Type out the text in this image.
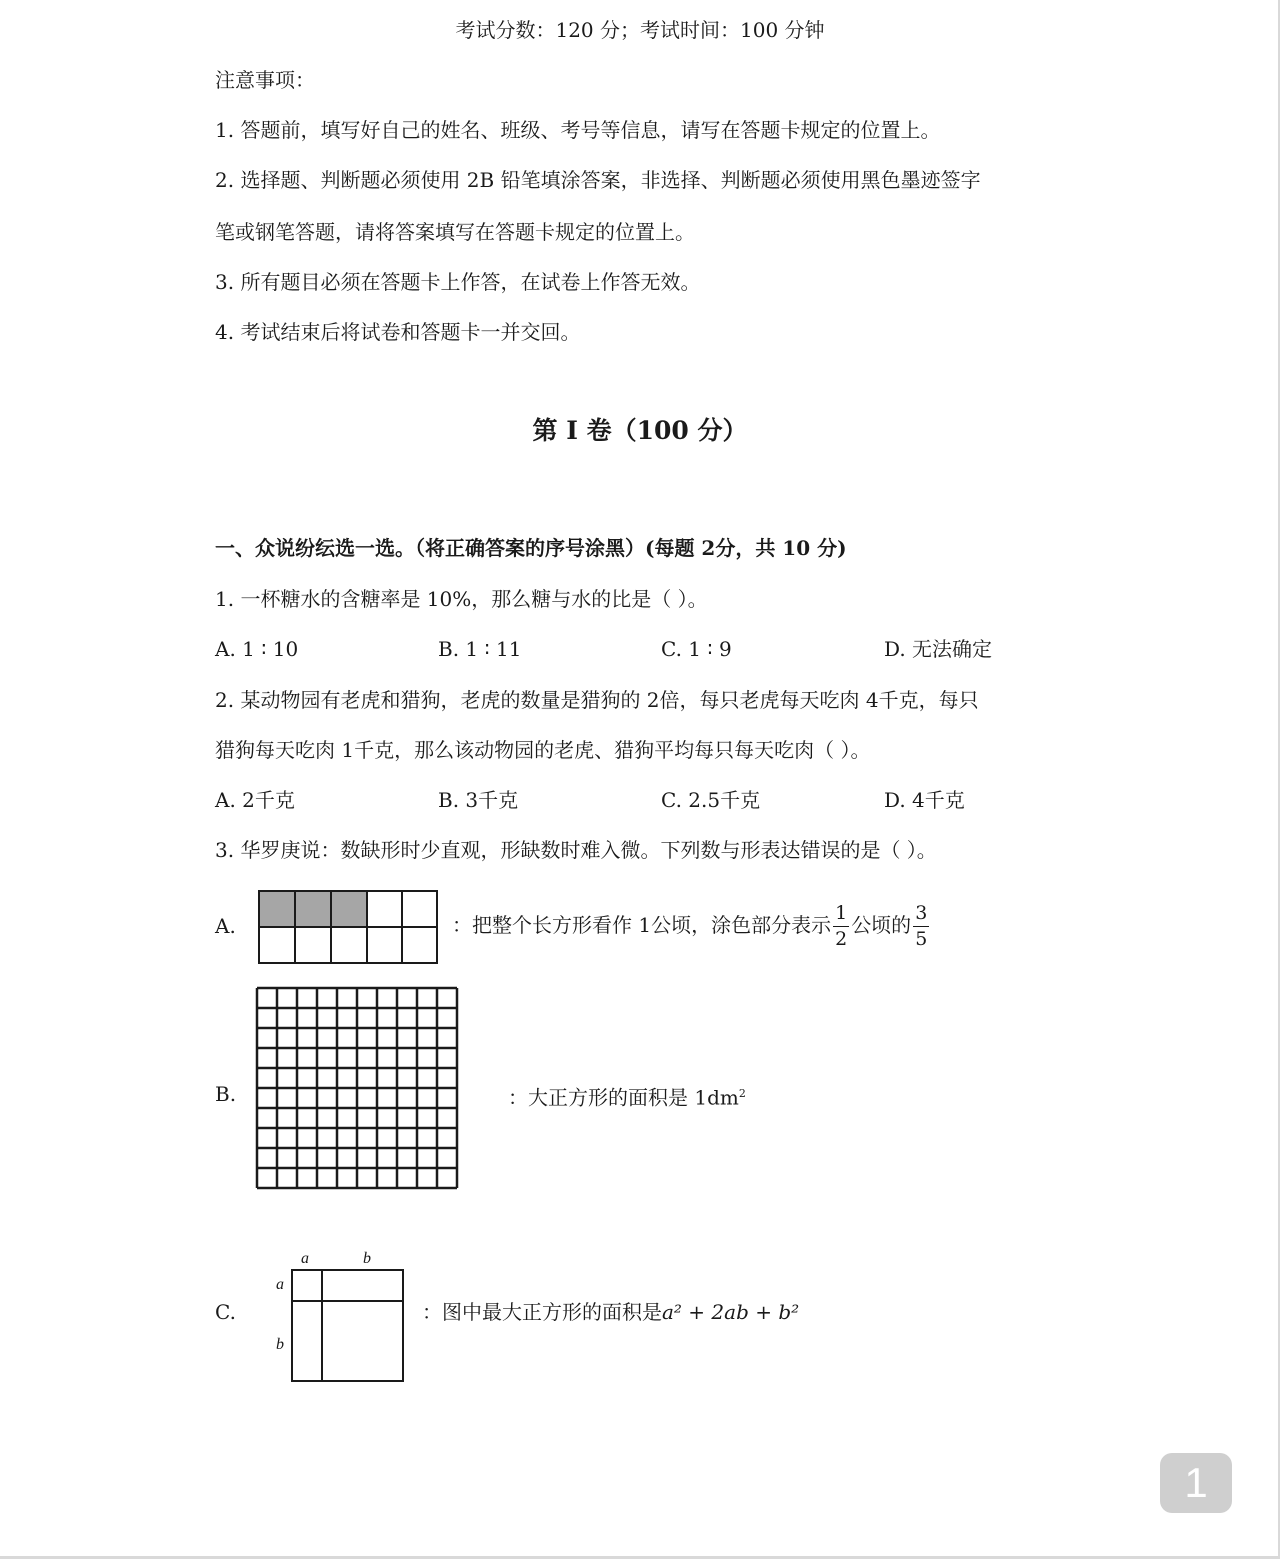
考试分数：120 分；考试时间：100 分钟
注意事项：
1. 答题前，填写好自己的姓名、班级、考号等信息，请写在答题卡规定的位置上。
2. 选择题、判断题必须使用 2B 铅笔填涂答案，非选择、判断题必须使用黑色墨迹签字
笔或钢笔答题，请将答案填写在答题卡规定的位置上。
3. 所有题目必须在答题卡上作答，在试卷上作答无效。
4. 考试结束后将试卷和答题卡一并交回。
第 I 卷（100 分）
一、众说纷纭选一选。（将正确答案的序号涂黑）(每题 2分，共 10 分)
1. 一杯糖水的含糖率是 10%，那么糖与水的比是（ ）。
A. 1 ∶ 10	B. 1 ∶ 11	C. 1 ∶ 9	D. 无法确定
2. 某动物园有老虎和猎狗，老虎的数量是猎狗的 2倍，每只老虎每天吃肉 4千克，每只
猎狗每天吃肉 1千克，那么该动物园的老虎、猎狗平均每只每天吃肉（ ）。
A. 2千克	B. 3千克	C. 2.5千克	D. 4千克
3. 华罗庚说：数缺形时少直观，形缺数时难入微。下列数与形表达错误的是（ ）。
A.	：把整个长方形看作 1公顷，涂色部分表示 $\frac{1}{2}$ 公顷的 $\frac{3}{5}$
B.	：大正方形的面积是 $1dm^2$
C.
a	b
a
b
：图中最大正方形的面积是a² + 2ab + b²
1
